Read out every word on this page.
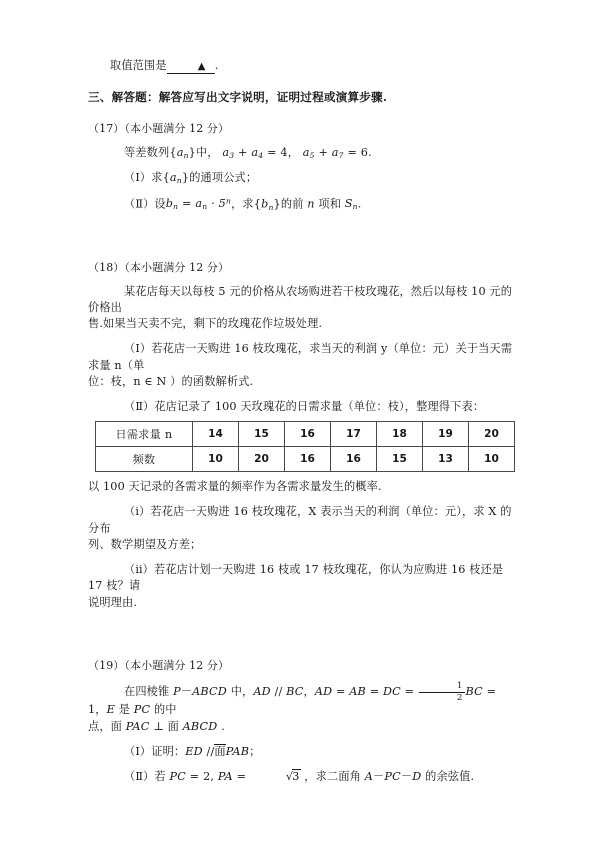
取值范围是	▲ .

三、解答题：解答应写出文字说明，证明过程或演算步骤.

（17）（本小题满分 12 分）

等差数列$\{a_n\}$中， $a_3 + a_4 = 4$， $a_5 + a_7 = 6$.

（Ⅰ）求$\{a_n\}$的通项公式；

（Ⅱ）设$b_n = a_n \cdot 5^n$，求$\{b_n\}$的前 n 项和 $S_n$.

（18）（本小题满分 12 分）

某花店每天以每枝 5 元的价格从农场购进若干枝玫瑰花，然后以每枝 10 元的价格出

售.如果当天卖不完，剩下的玫瑰花作垃圾处理.

（Ⅰ）若花店一天购进 16 枝玫瑰花，求当天的利润 y（单位：元）关于当天需求量 n（单

位：枝，n ∈ N ）的函数解析式.

（Ⅱ）花店记录了 100 天玫瑰花的日需求量（单位：枝），整理得下表：

日需求量 n	14	15	16	17	18	19	20
频数	10	20	16	16	15	13	10

以 100 天记录的各需求量的频率作为各需求量发生的概率.

（ⅰ）若花店一天购进 16 枝玫瑰花，X 表示当天的利润（单位：元），求 X 的分布

列、数学期望及方差；

（ⅱ）若花店计划一天购进 16 枝或 17 枝玫瑰花，你认为应购进 16 枝还是 17 枝？请

说明理由.

（19）（本小题满分 12 分）

在四棱锥 P－ABCD 中，AD // BC，AD = AB = DC = $\frac{1}{2}$ BC = 1，E 是 PC 的中

点，面 PAC ⊥ 面 ABCD .

（Ⅰ）证明：ED //面PAB；

（Ⅱ）若 PC = 2, PA =	√3 ，求二面角 A－PC－D 的余弦值.
